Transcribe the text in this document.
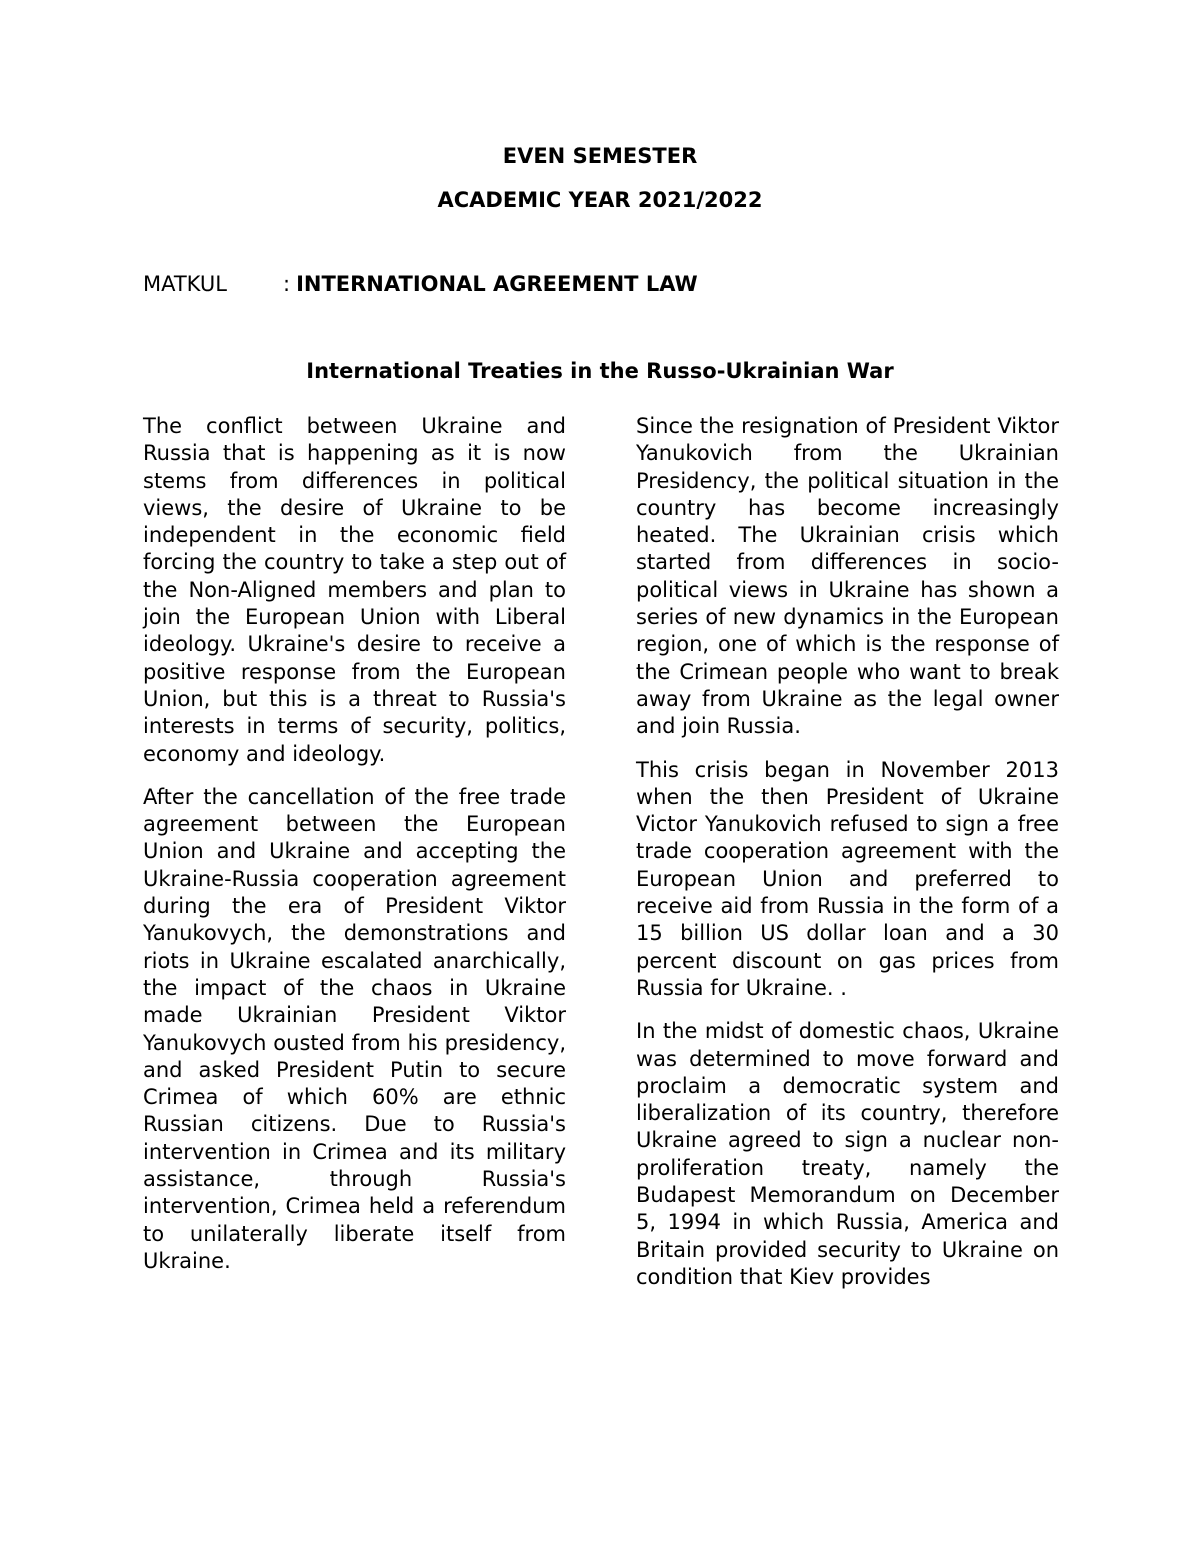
EVEN SEMESTER
ACADEMIC YEAR 2021/2022
MATKUL	: INTERNATIONAL AGREEMENT LAW
International Treaties in the Russo-Ukrainian War

The conflict between Ukraine and Russia that is happening as it is now stems from differences in political views, the desire of Ukraine to be independent in the economic field forcing the country to take a step out of the Non-Aligned members and plan to join the European Union with Liberal ideology. Ukraine's desire to receive a positive response from the European Union, but this is a threat to Russia's interests in terms of security, politics, economy and ideology.

After the cancellation of the free trade agreement between the European Union and Ukraine and accepting the Ukraine-Russia cooperation agreement during the era of President Viktor Yanukovych, the demonstrations and riots in Ukraine escalated anarchically, the impact of the chaos in Ukraine made Ukrainian President Viktor Yanukovych ousted from his presidency, and asked President Putin to secure Crimea of which 60% are ethnic Russian citizens. Due to Russia's intervention in Crimea and its military assistance, through Russia's intervention, Crimea held a referendum to unilaterally liberate itself from Ukraine.

Since the resignation of President Viktor Yanukovich from the Ukrainian Presidency, the political situation in the country has become increasingly heated. The Ukrainian crisis which started from differences in socio-political views in Ukraine has shown a series of new dynamics in the European region, one of which is the response of the Crimean people who want to break away from Ukraine as the legal owner and join Russia.

This crisis began in November 2013 when the then President of Ukraine Victor Yanukovich refused to sign a free trade cooperation agreement with the European Union and preferred to receive aid from Russia in the form of a 15 billion US dollar loan and a 30 percent discount on gas prices from Russia for Ukraine. .

In the midst of domestic chaos, Ukraine was determined to move forward and proclaim a democratic system and liberalization of its country, therefore Ukraine agreed to sign a nuclear non-proliferation treaty, namely the Budapest Memorandum on December 5, 1994 in which Russia, America and Britain provided security to Ukraine on condition that Kiev provides
